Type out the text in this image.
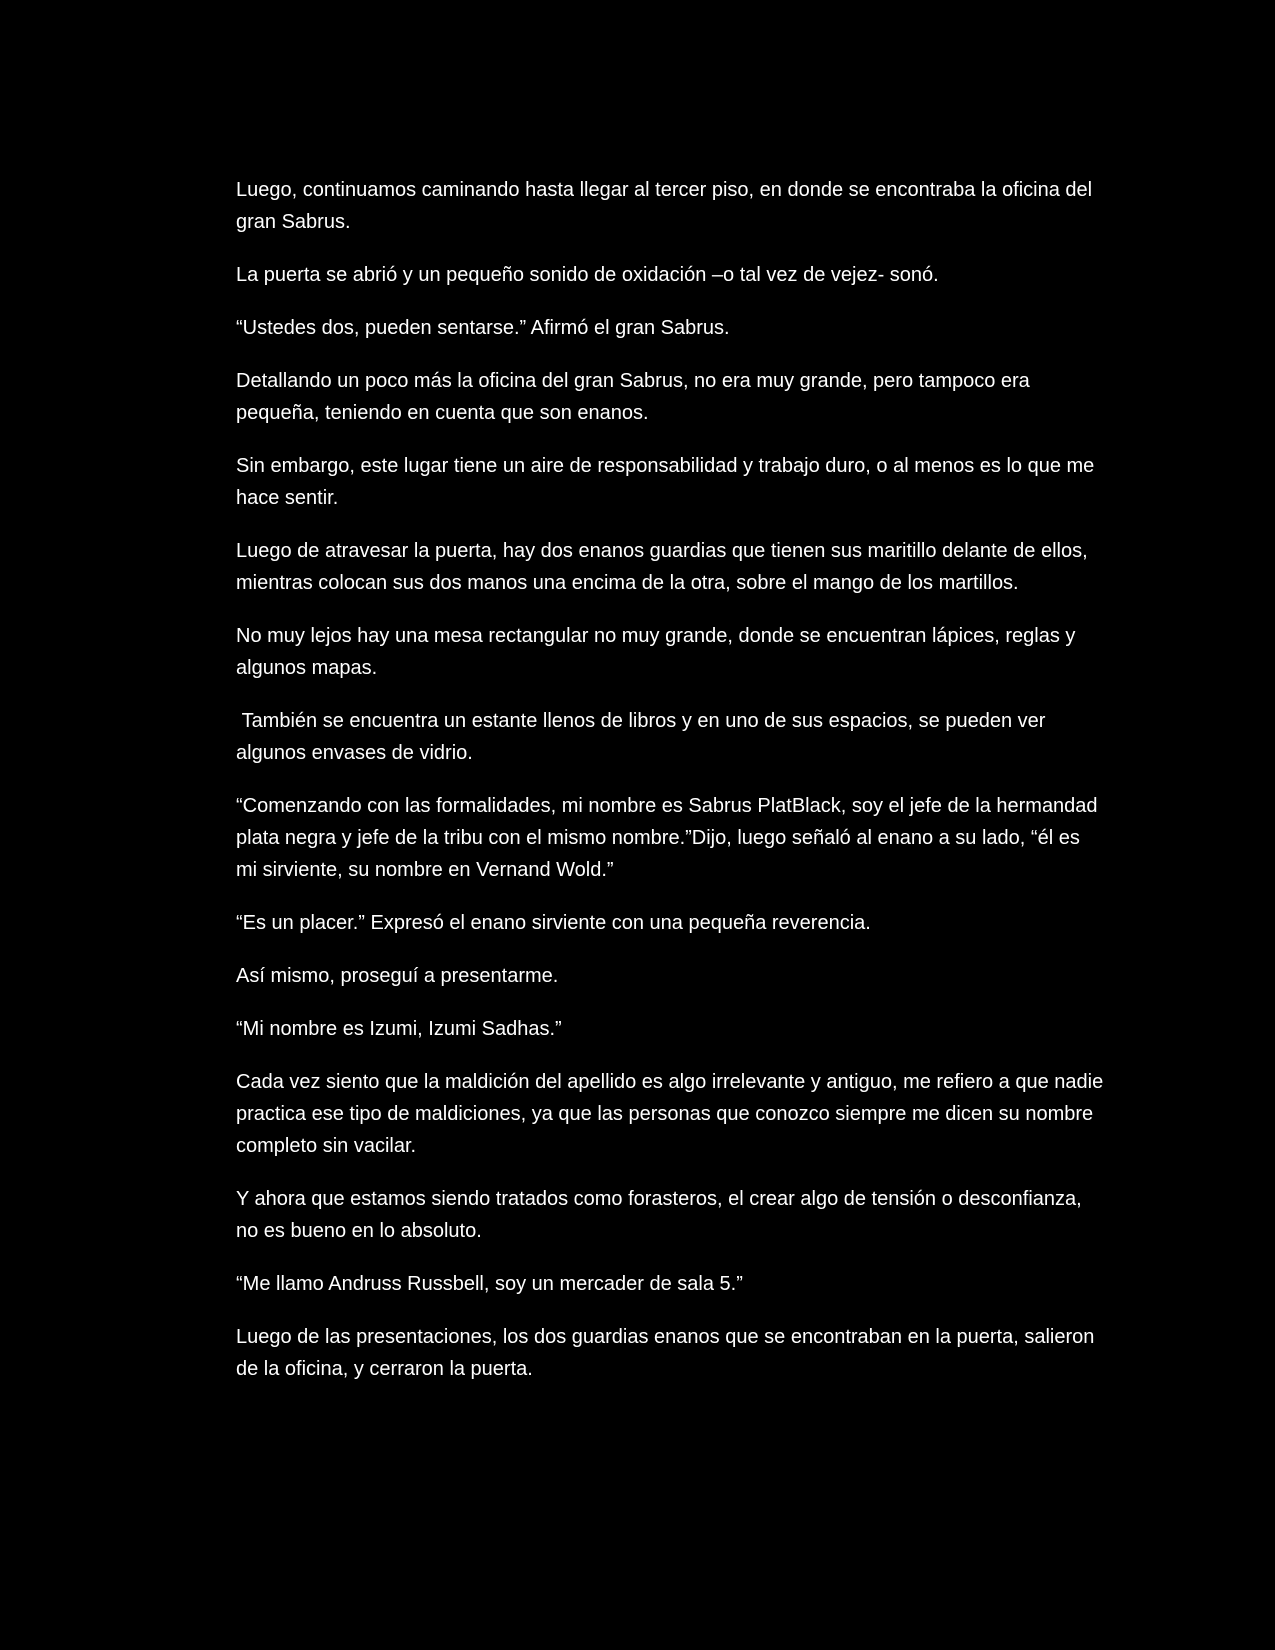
Luego, continuamos caminando hasta llegar al tercer piso, en donde se encontraba la oficina del gran Sabrus.

La puerta se abrió y un pequeño sonido de oxidación –o tal vez de vejez- sonó.

“Ustedes dos, pueden sentarse.” Afirmó el gran Sabrus.

Detallando un poco más la oficina del gran Sabrus, no era muy grande, pero tampoco era pequeña, teniendo en cuenta que son enanos.

Sin embargo, este lugar tiene un aire de responsabilidad y trabajo duro, o al menos es lo que me hace sentir.

Luego de atravesar la puerta, hay dos enanos guardias que tienen sus maritillo delante de ellos, mientras colocan sus dos manos una encima de la otra, sobre el mango de los martillos.

No muy lejos hay una mesa rectangular no muy grande, donde se encuentran lápices, reglas y algunos mapas.

También se encuentra un estante llenos de libros y en uno de sus espacios, se pueden ver algunos envases de vidrio.

“Comenzando con las formalidades, mi nombre es Sabrus PlatBlack, soy el jefe de la hermandad plata negra y jefe de la tribu con el mismo nombre.”Dijo, luego señaló al enano a su lado, “él es mi sirviente, su nombre en Vernand Wold.”

“Es un placer.” Expresó el enano sirviente con una pequeña reverencia.

Así mismo, proseguí a presentarme.

“Mi nombre es Izumi, Izumi Sadhas.”

Cada vez siento que la maldición del apellido es algo irrelevante y antiguo, me refiero a que nadie practica ese tipo de maldiciones, ya que las personas que conozco siempre me dicen su nombre completo sin vacilar.

Y ahora que estamos siendo tratados como forasteros, el crear algo de tensión o desconfianza, no es bueno en lo absoluto.

“Me llamo Andruss Russbell, soy un mercader de sala 5.”

Luego de las presentaciones, los dos guardias enanos que se encontraban en la puerta, salieron de la oficina, y cerraron la puerta.
